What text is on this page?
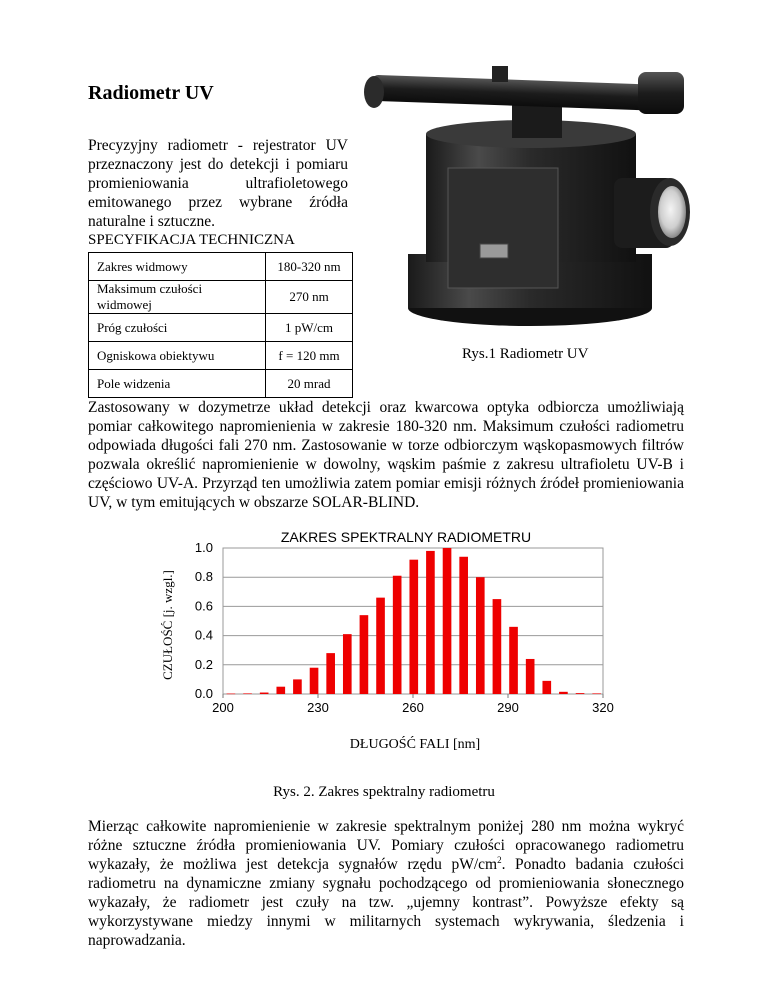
Radiometr UV
Precyzyjny radiometr - rejestrator UV przeznaczony jest do detekcji i pomiaru promieniowania ultrafioletowego emitowanego przez wybrane źródła naturalne i sztuczne.
SPECYFIKACJA TECHNICZNA
Zakres widmowy	180-320 nm
Maksimum czułości widmowej	270 nm
Próg czułości	1 pW/cm
Ogniskowa obiektywu	f = 120 mm
Pole widzenia	20 mrad
Rys.1 Radiometr UV
Zastosowany w dozymetrze układ detekcji oraz kwarcowa optyka odbiorcza umożliwiają pomiar całkowitego napromienienia w zakresie 180-320 nm. Maksimum czułości radiometru odpowiada długości fali 270 nm. Zastosowanie w torze odbiorczym wąskopasmowych filtrów pozwala określić napromienienie w dowolny, wąskim paśmie z zakresu ultrafioletu UV-B i częściowo UV-A. Przyrząd ten umożliwia zatem pomiar emisji różnych źródeł promieniowania UV, w tym emitujących w obszarze SOLAR-BLIND.
ZAKRES SPEKTRALNY RADIOMETRU
0.0
0.2
0.4
0.6
0.8
1.0
200	230	260	290	320
DŁUGOŚĆ FALI [nm]
CZUŁOŚĆ [j. wzgl.]
Rys. 2. Zakres spektralny radiometru
Mierząc całkowite napromienienie w zakresie spektralnym poniżej 280 nm można wykryć różne sztuczne źródła promieniowania UV. Pomiary czułości opracowanego radiometru wykazały, że możliwa jest detekcja sygnałów rzędu $pW/cm^2$. Ponadto badania czułości radiometru na dynamiczne zmiany sygnału pochodzącego od promieniowania słonecznego wykazały, że radiometr jest czuły na tzw. „ujemny kontrast”. Powyższe efekty są wykorzystywane miedzy innymi w militarnych systemach wykrywania, śledzenia i naprowadzania.
